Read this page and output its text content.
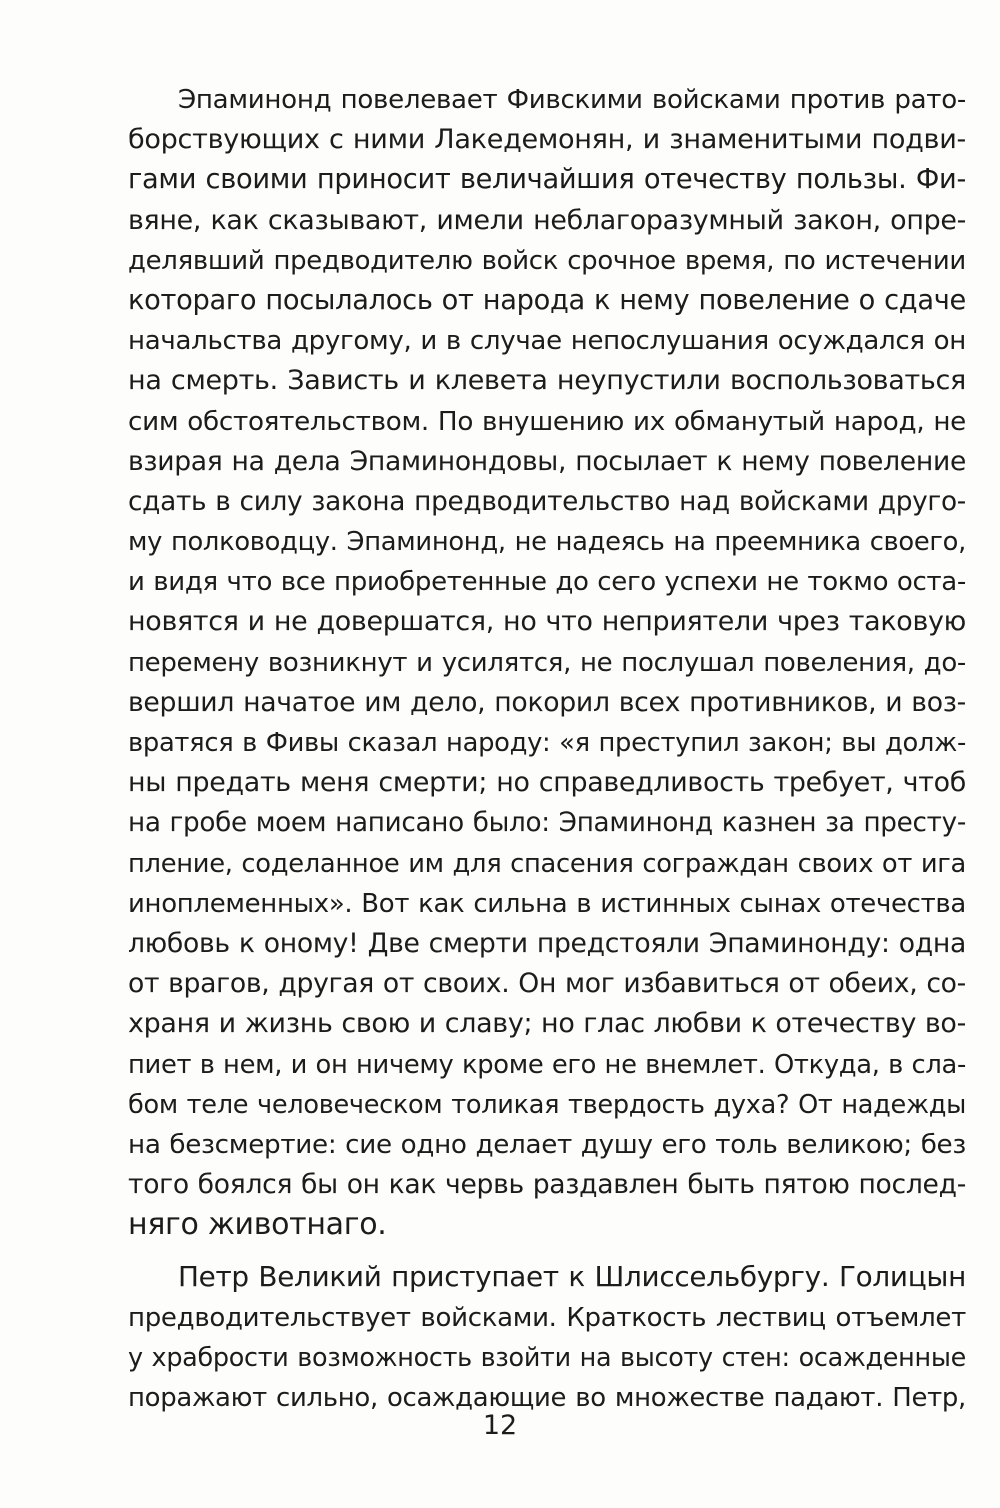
Эпаминонд повелевает Фивскими войсками против рато-
борствующих с ними Лакедемонян, и знаменитыми подви-
гами своими приносит величайшия отечеству пользы. Фи-
вяне, как сказывают, имели неблагоразумный закон, опре-
делявший предводителю войск срочное время, по истечении
котораго посылалось от народа к нему повеление о сдаче
начальства другому, и в случае непослушания осуждался он
на смерть. Зависть и клевета неупустили воспользоваться
сим обстоятельством. По внушению их обманутый народ, не
взирая на дела Эпаминондовы, посылает к нему повеление
сдать в силу закона предводительство над войсками друго-
му полководцу. Эпаминонд, не надеясь на преемника своего,
и видя что все приобретенные до сего успехи не токмо оста-
новятся и не довершатся, но что неприятели чрез таковую
перемену возникнут и усилятся, не послушал повеления, до-
вершил начатое им дело, покорил всех противников, и воз-
вратяся в Фивы сказал народу: «я преступил закон; вы долж-
ны предать меня смерти; но справедливость требует, чтоб
на гробе моем написано было: Эпаминонд казнен за престу-
пление, соделанное им для спасения сограждан своих от ига
иноплеменных». Вот как сильна в истинных сынах отечества
любовь к оному! Две смерти предстояли Эпаминонду: одна
от врагов, другая от своих. Он мог избавиться от обеих, со-
храня и жизнь свою и славу; но глас любви к отечеству во-
пиет в нем, и он ничему кроме его не внемлет. Откуда, в сла-
бом теле человеческом толикая твердость духа? От надежды
на безсмертие: сие одно делает душу его толь великою; без
того боялся бы он как червь раздавлен быть пятою послед-
няго животнаго.
Петр Великий приступает к Шлиссельбургу. Голицын
предводительствует войсками. Краткость лествиц отъемлет
у храбрости возможность взойти на высоту стен: осажденные
поражают сильно, осаждающие во множестве падают. Петр,
12
